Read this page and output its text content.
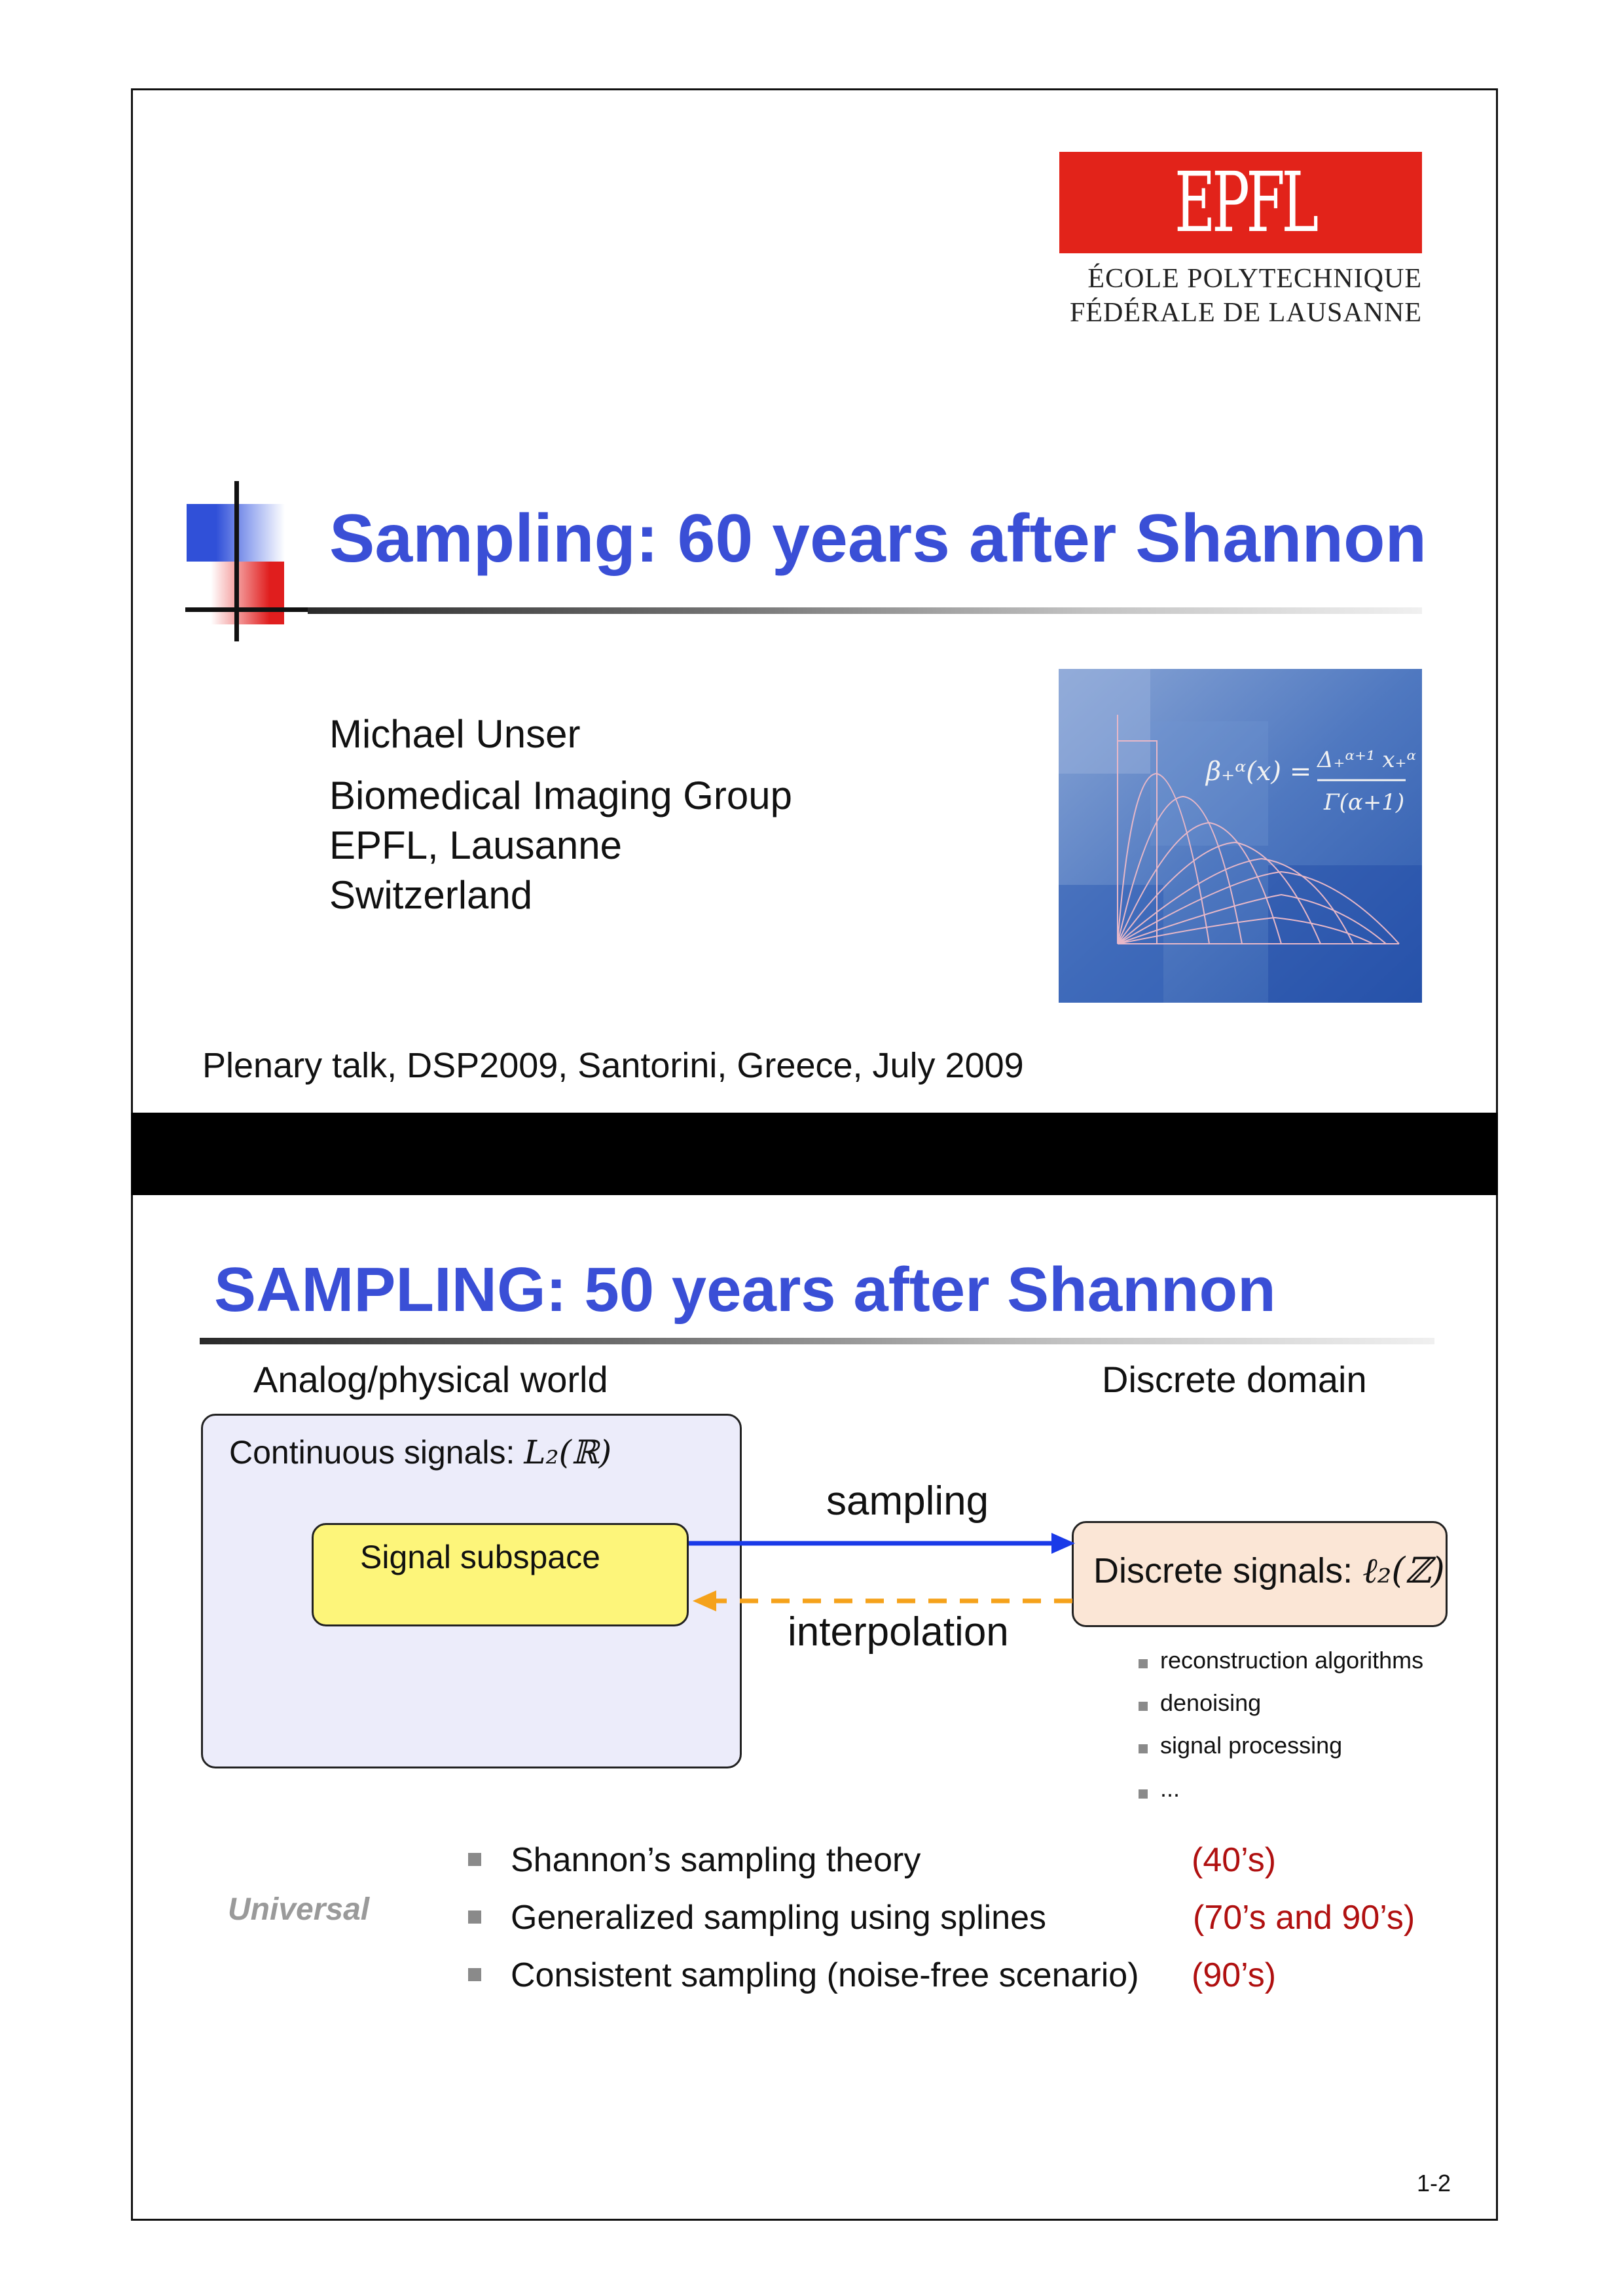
EPFL
ÉCOLE POLYTECHNIQUE
FÉDÉRALE DE LAUSANNE
Sampling: 60 years after Shannon
Michael Unser
Biomedical Imaging Group
EPFL, Lausanne
Switzerland
β₊ᵅ(x) = Δ₊ᵅ⁺¹ x₊ᵅ
Γ(α+1)
Plenary talk, DSP2009, Santorini, Greece, July 2009
SAMPLING: 50 years after Shannon
Analog/physical world	Discrete domain
Continuous signals: L₂(ℝ)
Signal subspace	Discrete signals: ℓ₂(ℤ)
sampling
interpolation
reconstruction algorithms
denoising
signal processing
...
Universal
Shannon’s sampling theory	(40’s)
Generalized sampling using splines	(70’s and 90’s)
Consistent sampling (noise-free scenario) (90’s)
1-2
